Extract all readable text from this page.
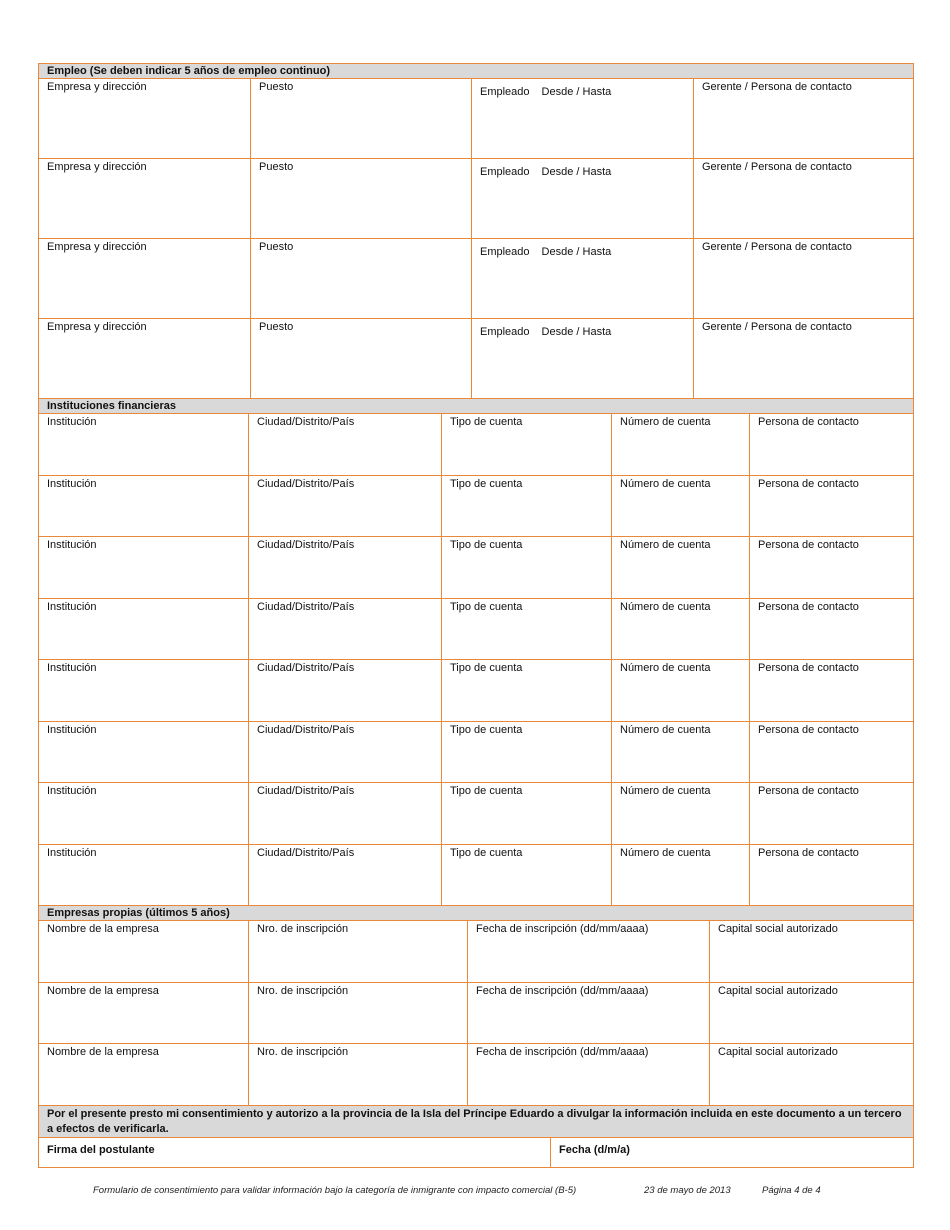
Empleo (Se deben indicar 5 años de empleo continuo)
Empresa y dirección	Puesto	Empleado Desde / Hasta	Gerente / Persona de contacto
Empresa y dirección	Puesto	Empleado Desde / Hasta	Gerente / Persona de contacto
Empresa y dirección	Puesto	Empleado Desde / Hasta	Gerente / Persona de contacto
Empresa y dirección	Puesto	Empleado Desde / Hasta	Gerente / Persona de contacto
Instituciones financieras
Institución	Ciudad/Distrito/País	Tipo de cuenta	Número de cuenta	Persona de contacto
Institución	Ciudad/Distrito/País	Tipo de cuenta	Número de cuenta	Persona de contacto
Institución	Ciudad/Distrito/País	Tipo de cuenta	Número de cuenta	Persona de contacto
Institución	Ciudad/Distrito/País	Tipo de cuenta	Número de cuenta	Persona de contacto
Institución	Ciudad/Distrito/País	Tipo de cuenta	Número de cuenta	Persona de contacto
Institución	Ciudad/Distrito/País	Tipo de cuenta	Número de cuenta	Persona de contacto
Institución	Ciudad/Distrito/País	Tipo de cuenta	Número de cuenta	Persona de contacto
Institución	Ciudad/Distrito/País	Tipo de cuenta	Número de cuenta	Persona de contacto
Empresas propias (últimos 5 años)
Nombre de la empresa	Nro. de inscripción	Fecha de inscripción (dd/mm/aaaa)	Capital social autorizado
Nombre de la empresa	Nro. de inscripción	Fecha de inscripción (dd/mm/aaaa)	Capital social autorizado
Nombre de la empresa	Nro. de inscripción	Fecha de inscripción (dd/mm/aaaa)	Capital social autorizado
Por el presente presto mi consentimiento y autorizo a la provincia de la Isla del Príncipe Eduardo a divulgar la información incluida en este documento a un tercero a efectos de verificarla.
Firma del postulante	Fecha (d/m/a)
Formulario de consentimiento para validar información bajo la categoría de inmigrante con impacto comercial (B-5)	23 de mayo de 2013	Página 4 de 4
